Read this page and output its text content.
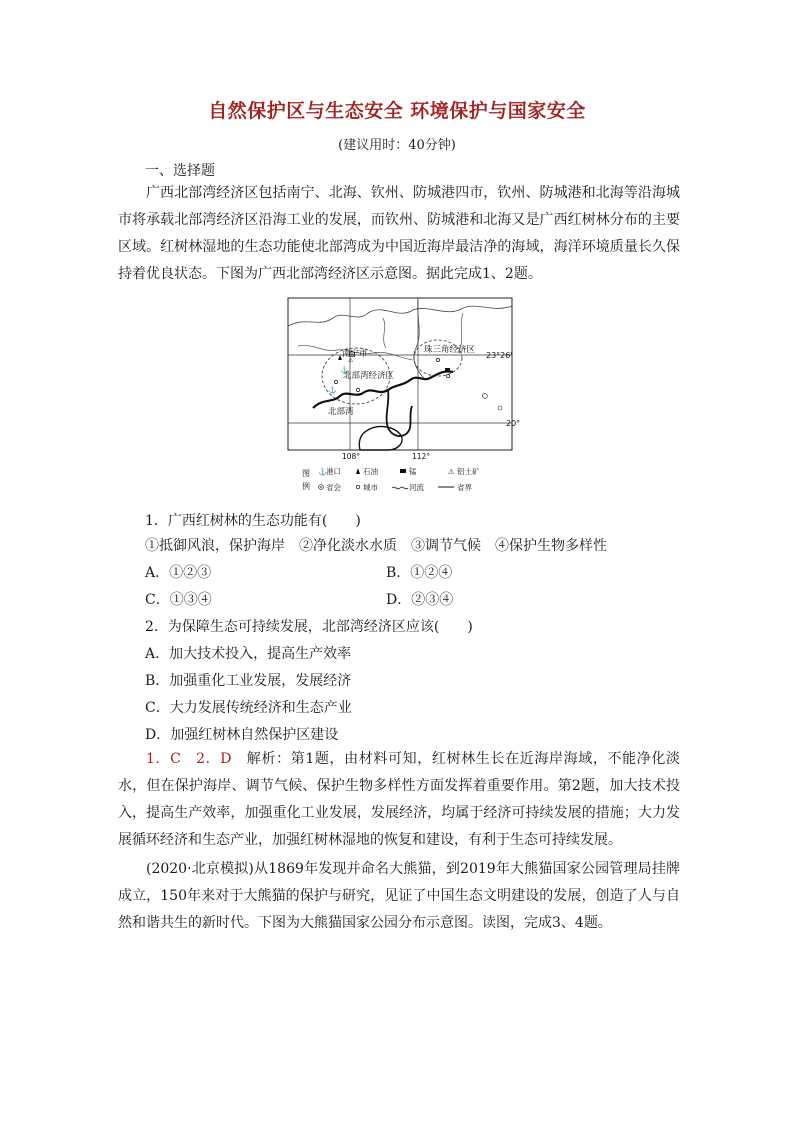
自然保护区与生态安全 环境保护与国家安全
(建议用时：40分钟)
一、选择题
广西北部湾经济区包括南宁、北海、钦州、防城港四市，钦州、防城港和北海等沿海城市将承载北部湾经济区沿海工业的发展，而钦州、防城港和北海又是广西红树林分布的主要区域。红树林湿地的生态功能使北部湾成为中国近海岸最洁净的海域，海洋环境质量长久保持着优良状态。下图为广西北部湾经济区示意图。据此完成1、2题。
⚓
⚓
⚠
南宁市
北部湾经济区
北部湾
珠三角经济区
23°26'
20°
108°	112°
图
例
⚓ 港口	石油	锰	⚠ 铝土矿
省会	城市	河流	省界
1．广西红树林的生态功能有(　　)
①抵御风浪，保护海岸　②净化淡水水质　③调节气候　④保护生物多样性
A．①②③	B．①②④
C．①③④	D．②③④
2．为保障生态可持续发展，北部湾经济区应该(　　)
A．加大技术投入，提高生产效率
B．加强重化工业发展，发展经济
C．大力发展传统经济和生态产业
D．加强红树林自然保护区建设
1．C　2．D　解析：第1题，由材料可知，红树林生长在近海岸海域，不能净化淡水，但在保护海岸、调节气候、保护生物多样性方面发挥着重要作用。第2题，加大技术投入，提高生产效率，加强重化工业发展，发展经济，均属于经济可持续发展的措施；大力发展循环经济和生态产业，加强红树林湿地的恢复和建设，有利于生态可持续发展。
(2020·北京模拟)从1869年发现并命名大熊猫，到2019年大熊猫国家公园管理局挂牌成立，150年来对于大熊猫的保护与研究，见证了中国生态文明建设的发展，创造了人与自然和谐共生的新时代。下图为大熊猫国家公园分布示意图。读图，完成3、4题。
